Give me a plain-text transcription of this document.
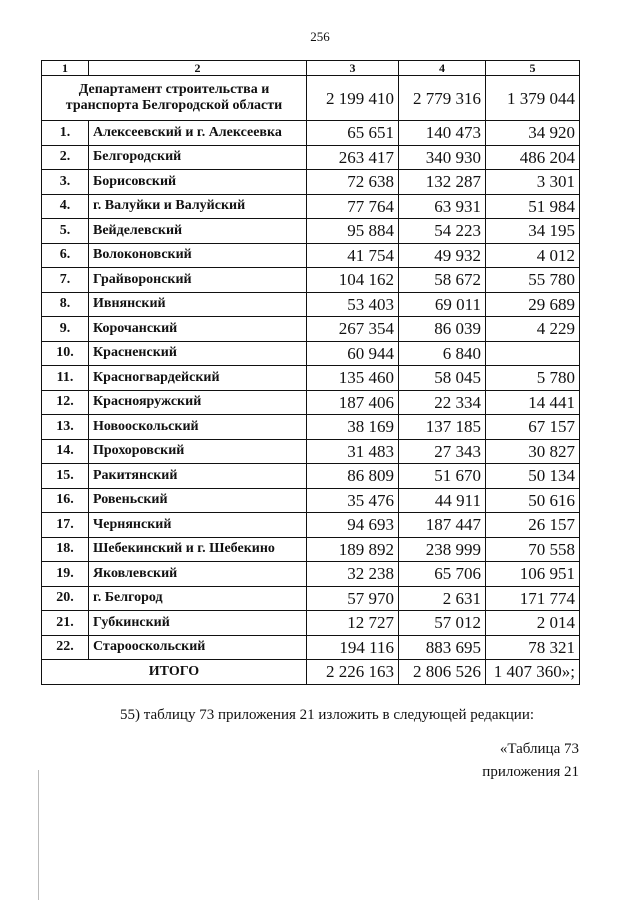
256
1	2	3	4	5
Департамент строительства и транспорта Белгородской области		2 199 410	2 779 316	1 379 044
1.	Алексеевский и г. Алексеевка	65 651	140 473	34 920
2.	Белгородский	263 417	340 930	486 204
3.	Борисовский	72 638	132 287	3 301
4.	г. Валуйки и Валуйский	77 764	63 931	51 984
5.	Вейделевский	95 884	54 223	34 195
6.	Волоконовский	41 754	49 932	4 012
7.	Грайворонский	104 162	58 672	55 780
8.	Ивнянский	53 403	69 011	29 689
9.	Корочанский	267 354	86 039	4 229
10.	Красненский	60 944	6 840	
11.	Красногвардейский	135 460	58 045	5 780
12.	Краснояружский	187 406	22 334	14 441
13.	Новооскольский	38 169	137 185	67 157
14.	Прохоровский	31 483	27 343	30 827
15.	Ракитянский	86 809	51 670	50 134
16.	Ровеньский	35 476	44 911	50 616
17.	Чернянский	94 693	187 447	26 157
18.	Шебекинский и г. Шебекино	189 892	238 999	70 558
19.	Яковлевский	32 238	65 706	106 951
20.	г. Белгород	57 970	2 631	171 774
21.	Губкинский	12 727	57 012	2 014
22.	Старооскольский	194 116	883 695	78 321
ИТОГО		2 226 163	2 806 526	1 407 360»;
55) таблицу 73 приложения 21 изложить в следующей редакции:
«Таблица 73
приложения 21
